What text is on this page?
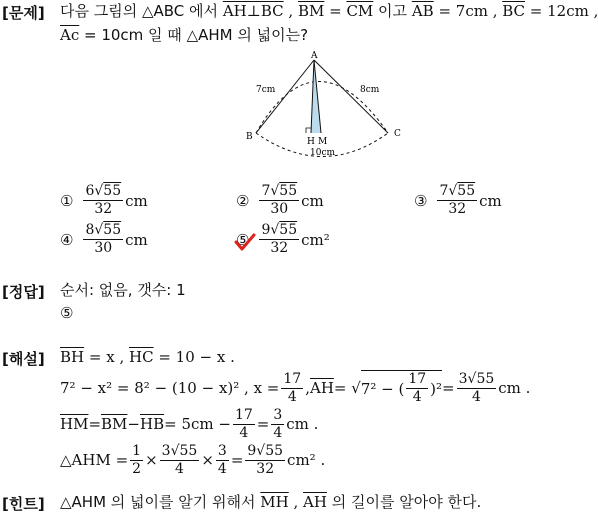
[문제] 다음 그림의 △ABC 에서 AH⊥BC , $\overline{BM} = \overline{CM}$ 이고 $\overline{AB} = 7cm$ , $\overline{BC} = 12cm$ ,
$\overline{Ac} = 10cm$ 일 때 △AHM 의 넓이는?
A
B	C
H M
7cm	8cm
10cm
① $\frac{6√55}{32}$ cm	② $\frac{7√55}{30}$ cm	③ $\frac{7√55}{32}$ cm
④ $\frac{8√55}{30}$ cm	⑤ $\frac{9√55}{32} cm^2$
[정답] 순서: 없음, 갯수: 1
⑤
[해설] $\overline{BH} = x$ , $\overline{HC} = 10 - x$ .
7² − x² = 8² − (10 − x)² , $x = \frac{17}{4}$ , $\overline{AH}$ = √ 7² − ( $\frac{17}{4} )^2 = \frac{3√55}{4}$ cm .
$\overline{HM} = \overline{BM} - \overline{HB} = 5cm - \frac{17}{4} = \frac{3}{4}$ cm .
△AHM = $\frac{1}{2} \times \frac{3√55}{4} \times \frac{3}{4} = \frac{9√55}{32} cm^2$ .
[힌트] △AHM 의 넓이를 알기 위해서 $\overline{MH}$ , $\overline{AH}$ 의 길이를 알아야 한다.
